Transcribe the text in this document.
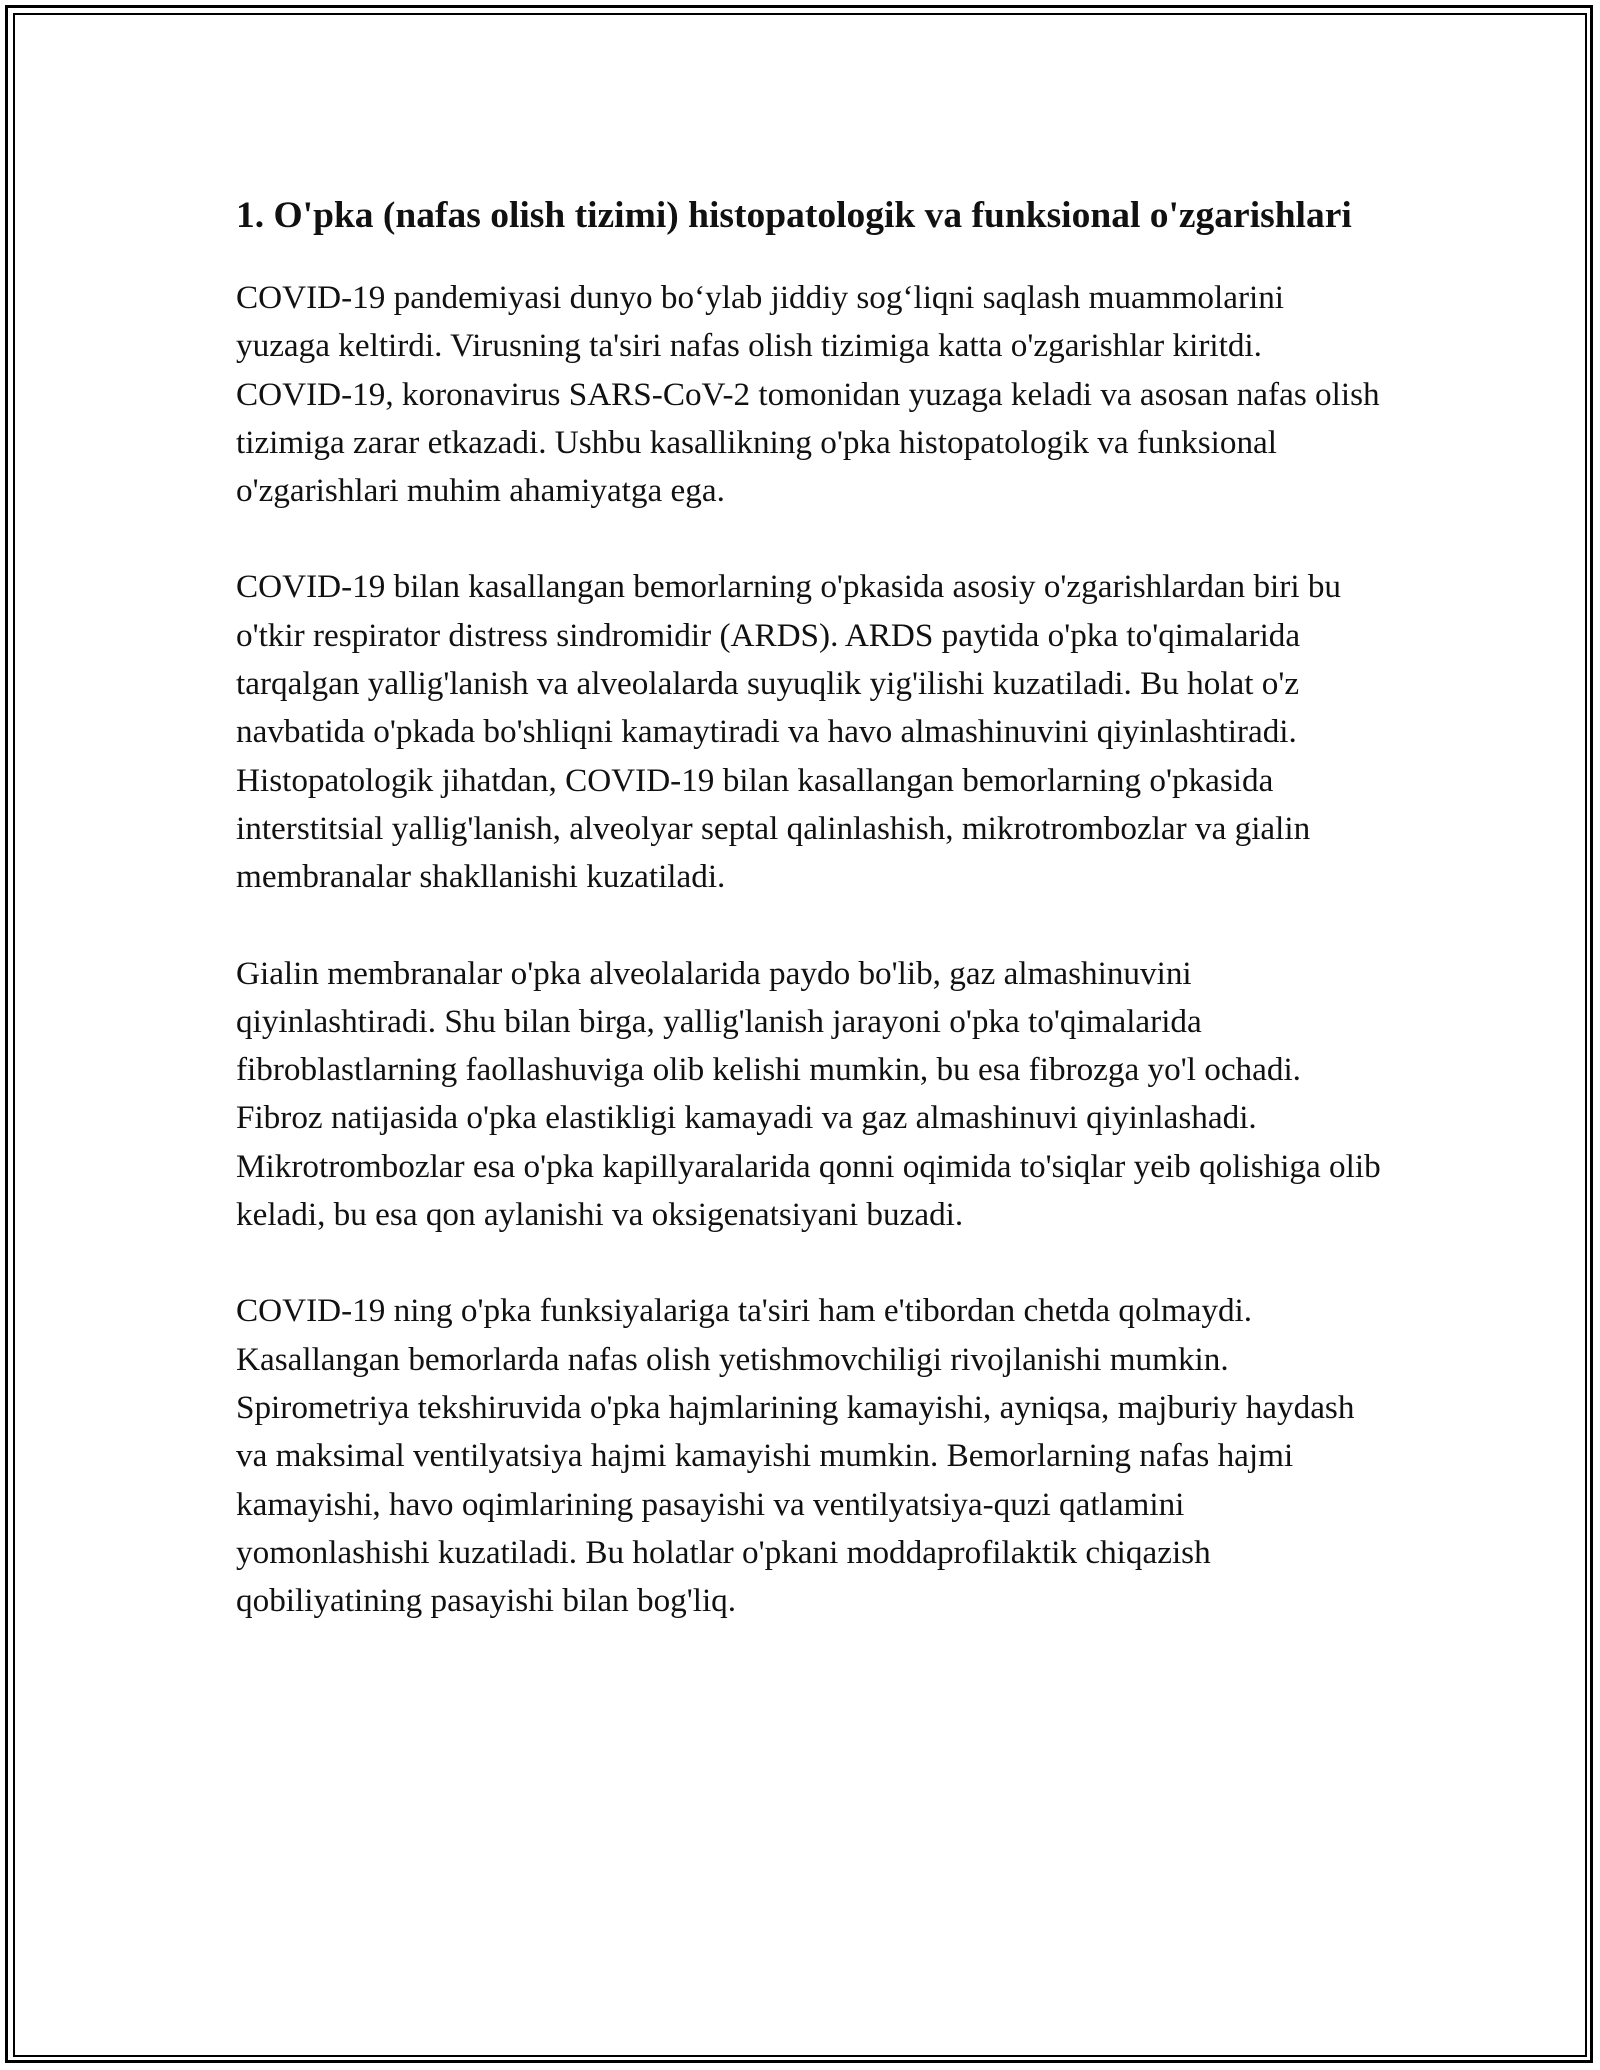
1. O'pka (nafas olish tizimi) histopatologik va funksional o'zgarishlari

COVID-19 pandemiyasi dunyo bo‘ylab jiddiy sog‘liqni saqlash muammolarini yuzaga keltirdi. Virusning ta'siri nafas olish tizimiga katta o'zgarishlar kiritdi. COVID-19, koronavirus SARS-CoV-2 tomonidan yuzaga keladi va asosan nafas olish tizimiga zarar etkazadi. Ushbu kasallikning o'pka histopatologik va funksional o'zgarishlari muhim ahamiyatga ega.

COVID-19 bilan kasallangan bemorlarning o'pkasida asosiy o'zgarishlardan biri bu o'tkir respirator distress sindromidir (ARDS). ARDS paytida o'pka to'qimalarida tarqalgan yallig'lanish va alveolalarda suyuqlik yig'ilishi kuzatiladi. Bu holat o'z navbatida o'pkada bo'shliqni kamaytiradi va havo almashinuvini qiyinlashtiradi. Histopatologik jihatdan, COVID-19 bilan kasallangan bemorlarning o'pkasida interstitsial yallig'lanish, alveolyar septal qalinlashish, mikrotrombozlar va gialin membranalar shakllanishi kuzatiladi.

Gialin membranalar o'pka alveolalarida paydo bo'lib, gaz almashinuvini qiyinlashtiradi. Shu bilan birga, yallig'lanish jarayoni o'pka to'qimalarida fibroblastlarning faollashuviga olib kelishi mumkin, bu esa fibrozga yo'l ochadi. Fibroz natijasida o'pka elastikligi kamayadi va gaz almashinuvi qiyinlashadi. Mikrotrombozlar esa o'pka kapillyaralarida qonni oqimida to'siqlar yeib qolishiga olib keladi, bu esa qon aylanishi va oksigenatsiyani buzadi.

COVID-19 ning o'pka funksiyalariga ta'siri ham e'tibordan chetda qolmaydi. Kasallangan bemorlarda nafas olish yetishmovchiligi rivojlanishi mumkin. Spirometriya tekshiruvida o'pka hajmlarining kamayishi, ayniqsa, majburiy haydash va maksimal ventilyatsiya hajmi kamayishi mumkin. Bemorlarning nafas hajmi kamayishi, havo oqimlarining pasayishi va ventilyatsiya-quzi qatlamini yomonlashishi kuzatiladi. Bu holatlar o'pkani moddaprofilaktik chiqazish qobiliyatining pasayishi bilan bog'liq.
